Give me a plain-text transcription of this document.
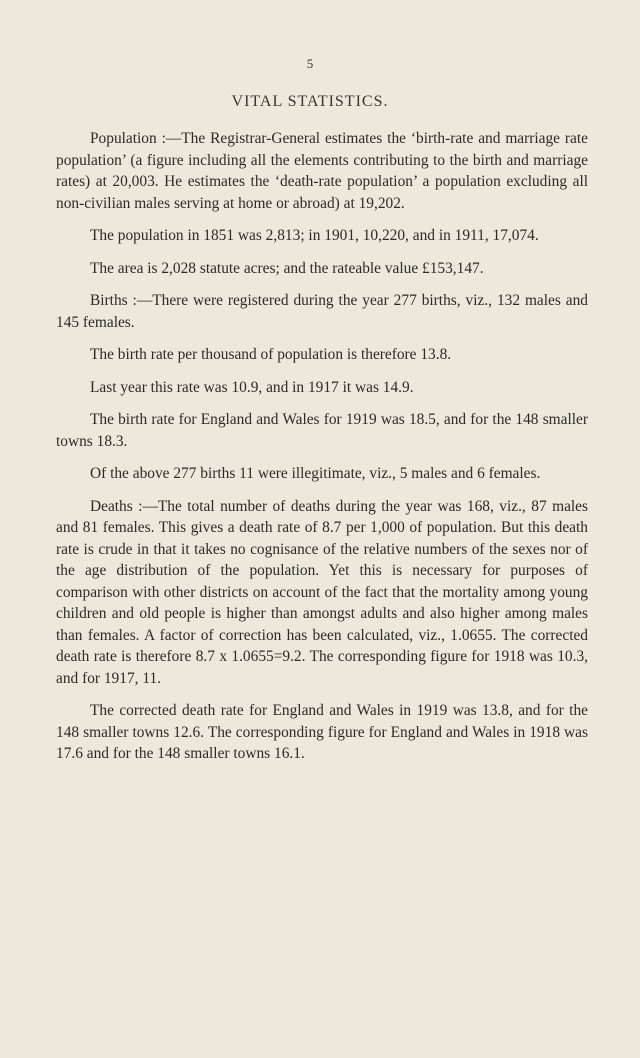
5
VITAL STATISTICS.

Population :—The Registrar-General estimates the ‘birth-rate and marriage rate population’ (a figure including all the elements contributing to the birth and marriage rates) at 20,003. He estimates the ‘death-rate population’ a population excluding all non-civilian males serving at home or abroad) at 19,202.

The population in 1851 was 2,813; in 1901, 10,220, and in 1911, 17,074.

The area is 2,028 statute acres; and the rateable value £153,147.

Births :—There were registered during the year 277 births, viz., 132 males and 145 females.

The birth rate per thousand of population is therefore 13.8.

Last year this rate was 10.9, and in 1917 it was 14.9.

The birth rate for England and Wales for 1919 was 18.5, and for the 148 smaller towns 18.3.

Of the above 277 births 11 were illegitimate, viz., 5 males and 6 females.

Deaths :—The total number of deaths during the year was 168, viz., 87 males and 81 females. This gives a death rate of 8.7 per 1,000 of population. But this death rate is crude in that it takes no cognisance of the relative numbers of the sexes nor of the age distribution of the population. Yet this is necessary for purposes of comparison with other districts on account of the fact that the mortality among young children and old people is higher than amongst adults and also higher among males than females. A factor of correction has been calculated, viz., 1.0655. The corrected death rate is therefore 8.7 x 1.0655=9.2. The corresponding figure for 1918 was 10.3, and for 1917, 11.

The corrected death rate for England and Wales in 1919 was 13.8, and for the 148 smaller towns 12.6. The corresponding figure for England and Wales in 1918 was 17.6 and for the 148 smaller towns 16.1.
